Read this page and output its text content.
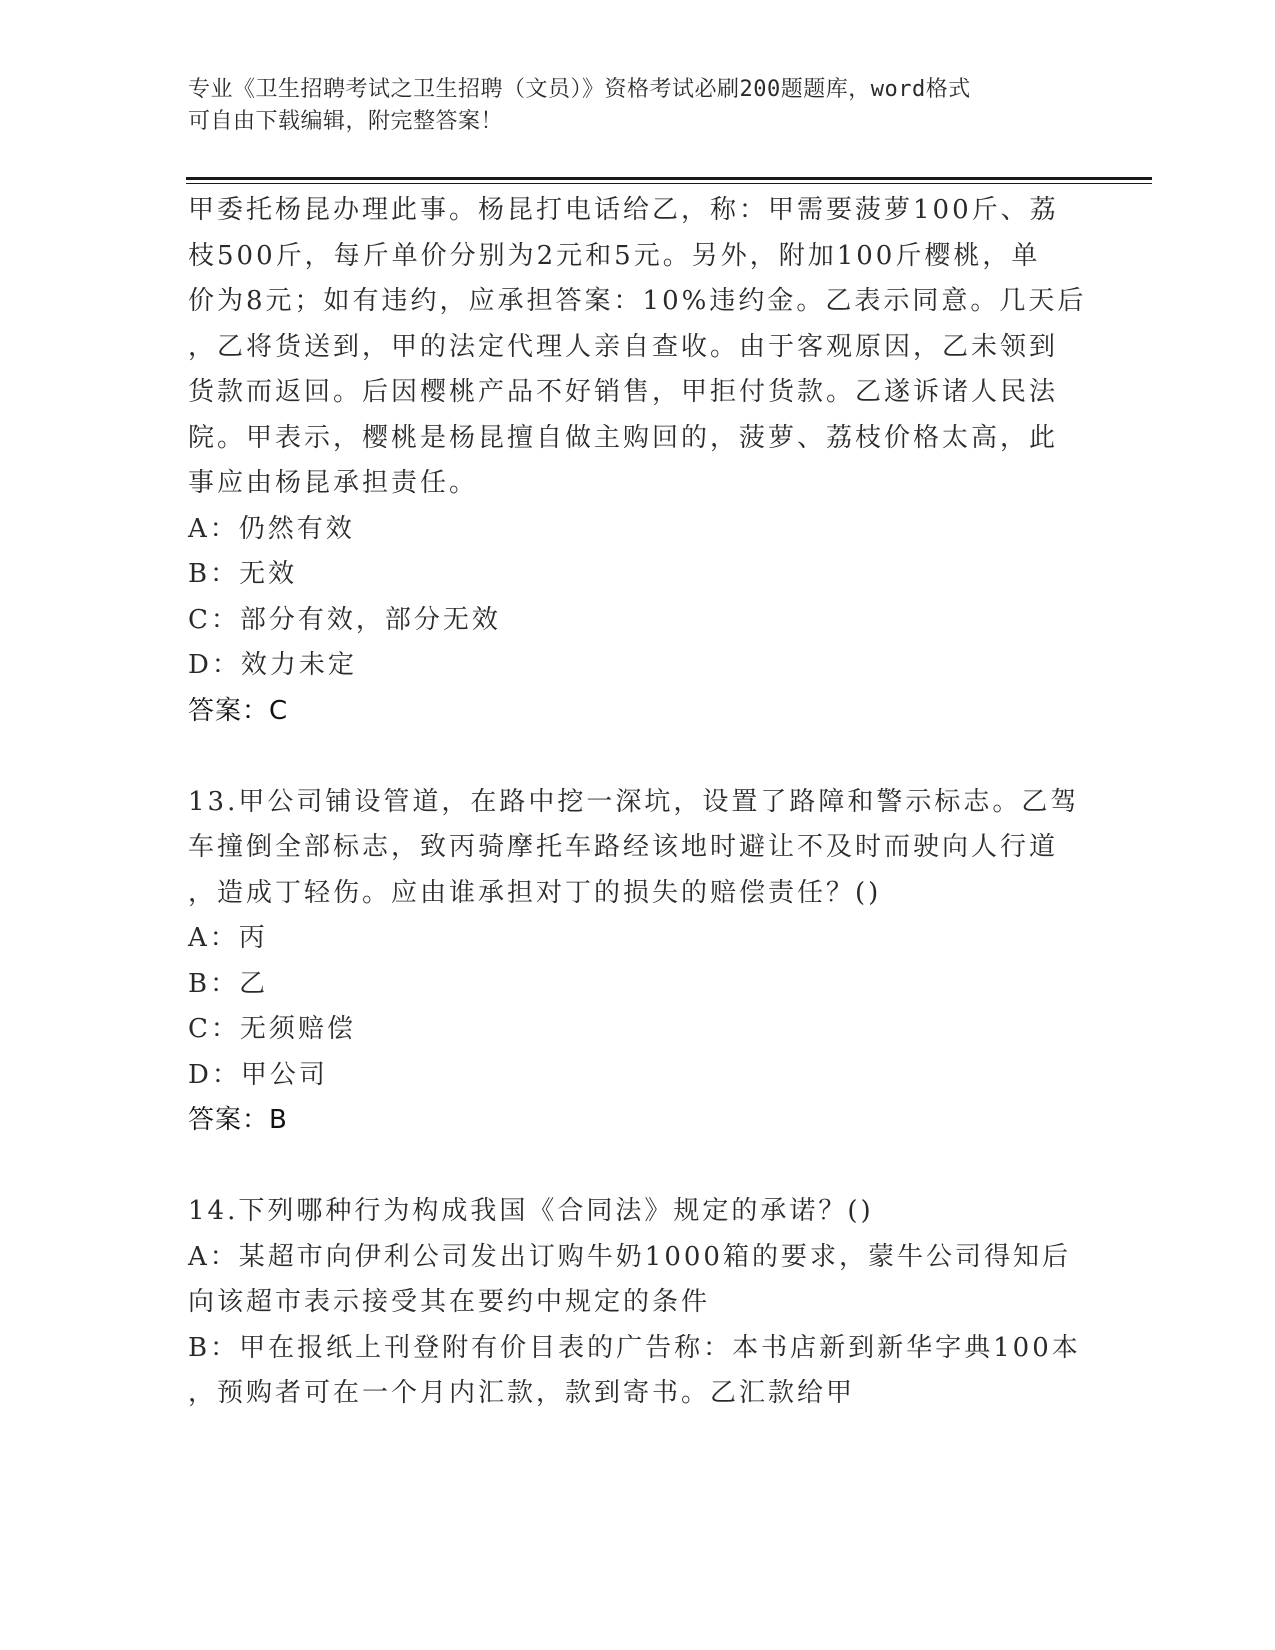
专业《卫生招聘考试之卫生招聘（文员）》资格考试必刷200题题库，word格式
可自由下载编辑，附完整答案！
甲委托杨昆办理此事。杨昆打电话给乙，称：甲需要菠萝100斤、荔
枝500斤，每斤单价分别为2元和5元。另外，附加100斤樱桃，单
价为8元；如有违约，应承担答案：10%违约金。乙表示同意。几天后
，乙将货送到，甲的法定代理人亲自查收。由于客观原因，乙未领到
货款而返回。后因樱桃产品不好销售，甲拒付货款。乙遂诉诸人民法
院。甲表示，樱桃是杨昆擅自做主购回的，菠萝、荔枝价格太高，此
事应由杨昆承担责任。
A：仍然有效
B：无效
C：部分有效，部分无效
D：效力未定
答案：C
13.甲公司铺设管道，在路中挖一深坑，设置了路障和警示标志。乙驾
车撞倒全部标志，致丙骑摩托车路经该地时避让不及时而驶向人行道
，造成丁轻伤。应由谁承担对丁的损失的赔偿责任？()
A：丙
B：乙
C：无须赔偿
D：甲公司
答案：B
14.下列哪种行为构成我国《合同法》规定的承诺？()
A：某超市向伊利公司发出订购牛奶1000箱的要求，蒙牛公司得知后
向该超市表示接受其在要约中规定的条件
B：甲在报纸上刊登附有价目表的广告称：本书店新到新华字典100本
，预购者可在一个月内汇款，款到寄书。乙汇款给甲
